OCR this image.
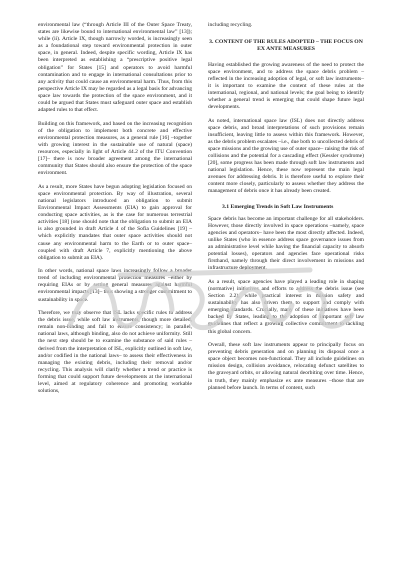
environmental law (“through Article III of the Outer Space Treaty, states are likewise bound to international environmental law” [13]); while (ii). Article IX, though narrowly worded, is increasingly seen as a foundational step toward environmental protection in outer space, in general. Indeed, despite specific wording, Article IX has been interpreted as establishing a “prescriptive positive legal obligation” for States [15] and operators to avoid harmful contamination and to engage in international consultations prior to any activity that could cause an environmental harm. Thus, from this perspective Article IX may be regarded as a legal basis for advancing space law towards the protection of the space environment, and it could be argued that States must safeguard outer space and establish adapted rules to that effect.

Building on this framework, and based on the increasing recognition of the obligation to implement both concrete and effective environmental protection measures, as a general rule [16] –together with growing interest in the sustainable use of natural (space) resources, especially in light of Article 44.2 of the ITU Convention [17]– there is now broader agreement among the international community that States should also ensure the protection of the space environment.

As a result, more States have begun adopting legislation focused on space environmental protection. By way of illustration, several national legislators introduced an obligation to submit Environmental Impact Assessments (EIA) to gain approval for conducting space activities, as is the case for numerous terrestrial activities [18] (one should note that the obligation to submit an EIA is also grounded in draft Article 4 of the Sofia Guidelines [19] – which explicitly mandates that outer space activities should not cause any environmental harm to the Earth or to outer space– coupled with draft Article 7, explicitly mentioning the above obligation to submit an EIA).

In other words, national space laws increasingly follow a broader trend of including environmental protection measures –either by requiring EIAs or by setting general measures against harmful environmental impacts [13]– thus showing a stronger commitment to sustainability in space.

Therefore, we may observe that ISL lacks specific rules to address the debris issue, while soft law instruments, though more detailed, remain non-binding and fail to ensure consistency; in parallel, national laws, although binding, also do not achieve uniformity. Still the next step should be to examine the substance of said rules –derived from the interpretation of ISL, explicitly outlined in soft law, and/or codified in the national laws– to assess their effectiveness in managing the existing debris, including their removal and/or recycling. This analysis will clarify whether a trend or practice is forming that could support future developments at the international level, aimed at regulatory coherence and promoting workable solutions,

including recycling.

3. CONTENT OF THE RULES ADOPTED – THE FOCUS ON EX ANTE MEASURES

Having established the growing awareness of the need to protect the space environment, and to address the space debris problem –reflected in the increasing adoption of legal, or soft law instruments– it is important to examine the content of these rules at the international, regional, and national levels; the goal being to identify whether a general trend is emerging that could shape future legal developments.

As noted, international space law (ISL) does not directly address space debris, and broad interpretations of such provisions remain insufficient, leaving little to assess within this framework. However, as the debris problem escalates –i.e., due both to uncollected debris of space missions and the growing use of outer space– raising the risk of collisions and the potential for a cascading effect (Kessler syndrome) [20], some progress has been made through soft law instruments and national legislation. Hence, these now represent the main legal avenues for addressing debris. It is therefore useful to explore their content more closely, particularly to assess whether they address the management of debris once it has already been created.

3.1 Emerging Trends in Soft Law Instruments

Space debris has become an important challenge for all stakeholders. However, those directly involved in space operations –namely, space agencies and operators– have been the most directly affected. Indeed, unlike States (who in essence address space governance issues from an administrative level while having the financial capacity to absorb potential losses), operators and agencies face operational risks firsthand, namely through their direct involvement in missions and infrastructure deployment.

As a result, space agencies have played a leading role in shaping (normative) initiatives and efforts to address the debris issue (see Section 2.2), while practical interest in mission safety and sustainability has also driven them to support and comply with emerging standards. Crucially, many of these initiatives have been backed by States, leading to the adoption of important soft law guidelines that reflect a growing collective commitment to tackling this global concern.

Overall, these soft law instruments appear to principally focus on preventing debris generation and on planning its disposal once a space object becomes non-functional. They all include guidelines on mission design, collision avoidance, relocating defunct satellites to the graveyard orbits, or allowing natural deorbiting over time. Hence, in truth, they mainly emphasize ex ante measures –those that are planned before launch. In terms of content, such
